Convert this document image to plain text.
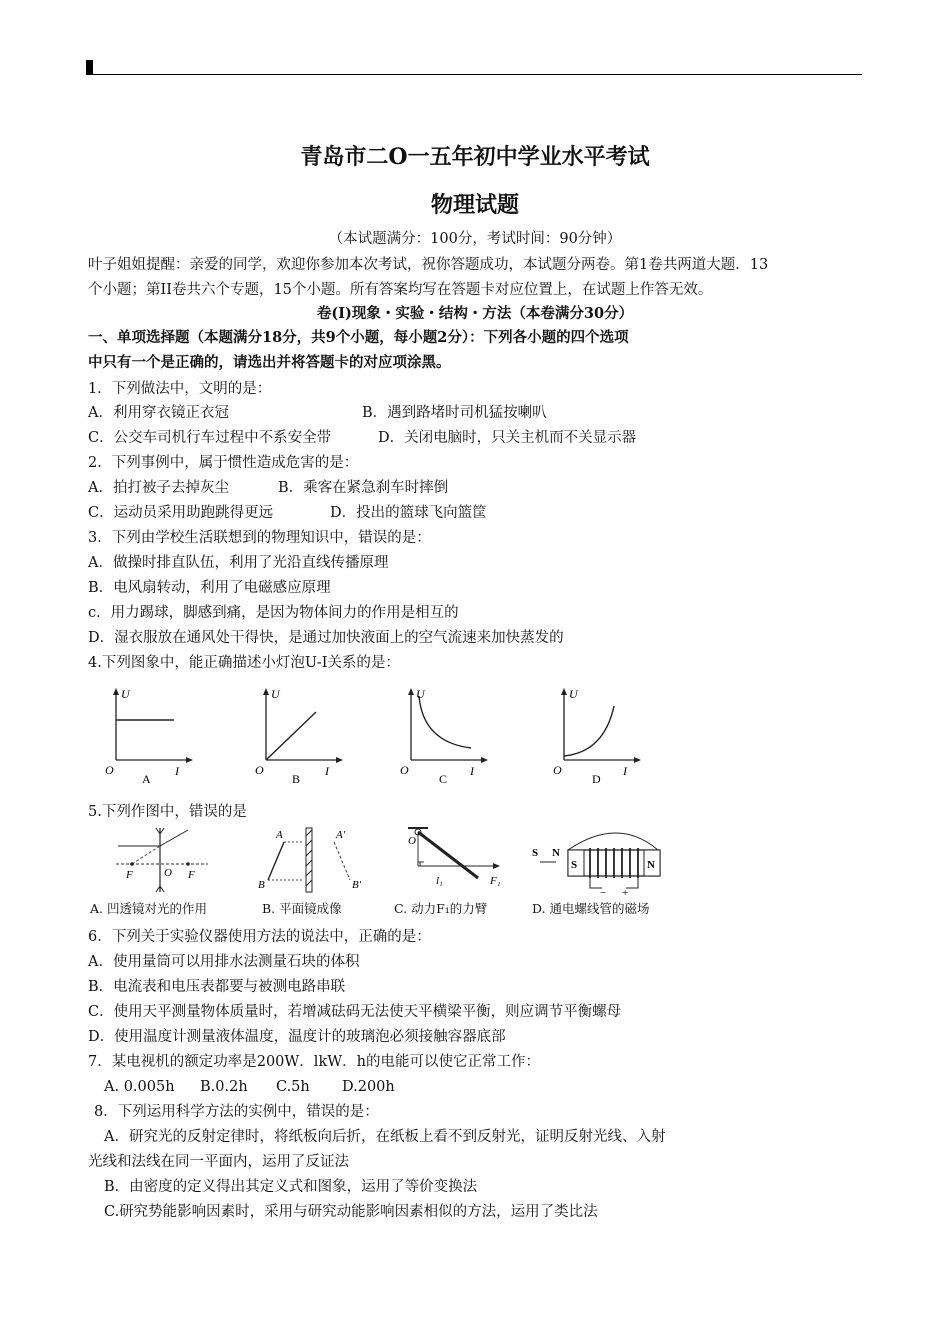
青岛市二O一五年初中学业水平考试
物理试题
（本试题满分：100分，考试时间：90分钟）
叶子姐姐提醒：亲爱的同学，欢迎你参加本次考试，祝你答题成功，本试题分两卷。第1卷共两道大题．13
个小题；第II卷共六个专题，15个小题。所有答案均写在答题卡对应位置上，在试题上作答无效。
卷(I)现象・实验・结构・方法（本卷满分30分）
一、单项选择题（本题满分18分，共9个小题，每小题2分）：下列各小题的四个选项
中只有一个是正确的，请选出并将答题卡的对应项涂黑。
1．下列做法中，文明的是：
A．利用穿衣镜正衣冠	B．遇到路堵时司机猛按喇叭
C．公交车司机行车过程中不系安全带	D．关闭电脑时，只关主机而不关显示器
2．下列事例中，属于惯性造成危害的是：
A．拍打被子去掉灰尘	B．乘客在紧急刹车时摔倒
C．运动员采用助跑跳得更远	D．投出的篮球飞向篮筐
3．下列由学校生活联想到的物理知识中，错误的是：
A．做操时排直队伍，利用了光沿直线传播原理
B．电风扇转动，利用了电磁感应原理
c．用力踢球，脚感到痛，是因为物体间力的作用是相互的
D．湿衣服放在通风处干得快，是通过加快液面上的空气流速来加快蒸发的
4.下列图象中，能正确描述小灯泡U-I关系的是：
U
O	I
A
U
O	I
B
U
O	I
C
U
O	I
D
5.下列作图中，错误的是
F	O F
A	A′
B	B′
O
l₁	F₁
S N
S	N
− +
A. 凹透镜对光的作用	B. 平面镜成像	C. 动力F₁的力臂	D. 通电螺线管的磁场
6．下列关于实验仪器使用方法的说法中，正确的是：
A．使用量筒可以用排水法测量石块的体积
B．电流表和电压表都要与被测电路串联
C．使用天平测量物体质量时，若增减砝码无法使天平横梁平衡，则应调节平衡螺母
D．使用温度计测量液体温度，温度计的玻璃泡必须接触容器底部
7．某电视机的额定功率是200W．lkW．h的电能可以使它正常工作：
A. 0.005h B.0.2h C.5h D.200h
8．下列运用科学方法的实例中，错误的是：
A．研究光的反射定律时，将纸板向后折，在纸板上看不到反射光，证明反射光线、入射
光线和法线在同一平面内，运用了反证法
B．由密度的定义得出其定义式和图象，运用了等价变换法
C.研究势能影响因素时，采用与研究动能影响因素相似的方法，运用了类比法
